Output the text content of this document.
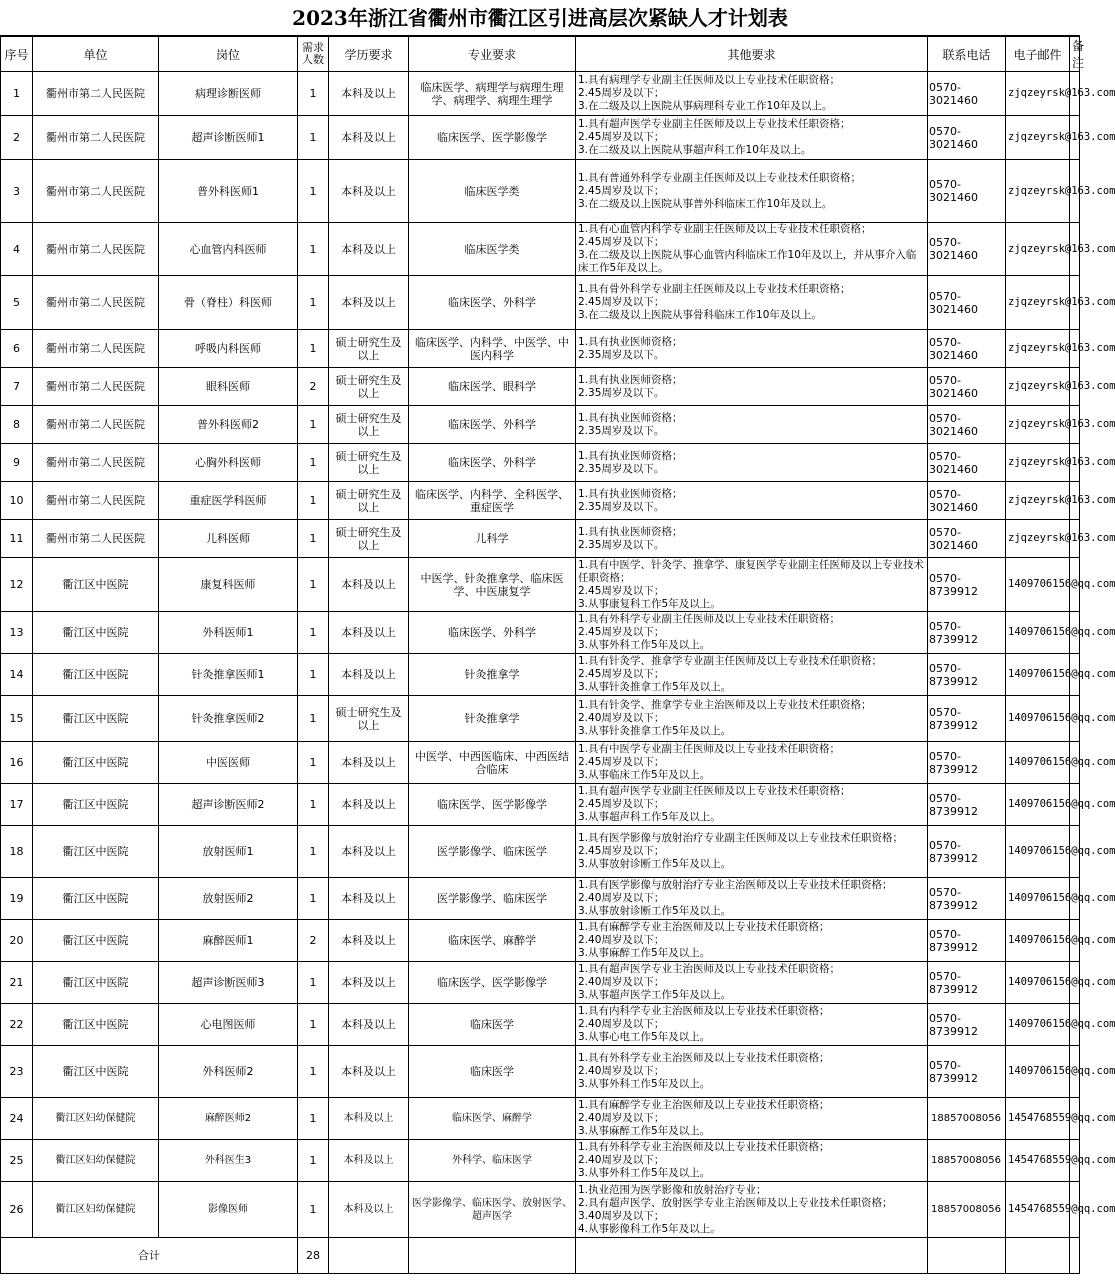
2023年浙江省衢州市衢江区引进高层次紧缺人才计划表
序号	单位	岗位	需求人数	学历要求	专业要求	其他要求	联系电话	电子邮件	备注
1	衢州市第二人民医院	病理诊断医师	1	本科及以上	临床医学、病理学与病理生理学、病理学、病理生理学	1.具有病理学专业副主任医师及以上专业技术任职资格；
2.45周岁及以下；
3.在二级及以上医院从事病理科专业工作10年及以上。	0570-3021460	zjqzeyrsk@163.com	
2	衢州市第二人民医院	超声诊断医师1	1	本科及以上	临床医学、医学影像学	1.具有超声医学专业副主任医师及以上专业技术任职资格；
2.45周岁及以下；
3.在二级及以上医院从事超声科工作10年及以上。	0570-3021460	zjqzeyrsk@163.com	
3	衢州市第二人民医院	普外科医师1	1	本科及以上	临床医学类	1.具有普通外科学专业副主任医师及以上专业技术任职资格；
2.45周岁及以下；
3.在二级及以上医院从事普外科临床工作10年及以上。	0570-3021460	zjqzeyrsk@163.com	
4	衢州市第二人民医院	心血管内科医师	1	本科及以上	临床医学类	1.具有心血管内科学专业副主任医师及以上专业技术任职资格；
2.45周岁及以下；
3.在二级及以上医院从事心血管内科临床工作10年及以上，并从事介入临床工作5年及以上。	0570-3021460	zjqzeyrsk@163.com	
5	衢州市第二人民医院	骨（脊柱）科医师	1	本科及以上	临床医学、外科学	1.具有骨外科学专业副主任医师及以上专业技术任职资格；
2.45周岁及以下；
3.在二级及以上医院从事骨科临床工作10年及以上。	0570-3021460	zjqzeyrsk@163.com	
6	衢州市第二人民医院	呼吸内科医师	1	硕士研究生及以上	临床医学、内科学、中医学、中医内科学	1.具有执业医师资格；
2.35周岁及以下。	0570-3021460	zjqzeyrsk@163.com	
7	衢州市第二人民医院	眼科医师	2	硕士研究生及以上	临床医学、眼科学	1.具有执业医师资格；
2.35周岁及以下。	0570-3021460	zjqzeyrsk@163.com	
8	衢州市第二人民医院	普外科医师2	1	硕士研究生及以上	临床医学、外科学	1.具有执业医师资格；
2.35周岁及以下。	0570-3021460	zjqzeyrsk@163.com	
9	衢州市第二人民医院	心胸外科医师	1	硕士研究生及以上	临床医学、外科学	1.具有执业医师资格；
2.35周岁及以下。	0570-3021460	zjqzeyrsk@163.com	
10	衢州市第二人民医院	重症医学科医师	1	硕士研究生及以上	临床医学、内科学、全科医学、重症医学	1.具有执业医师资格；
2.35周岁及以下。	0570-3021460	zjqzeyrsk@163.com	
11	衢州市第二人民医院	儿科医师	1	硕士研究生及以上	儿科学	1.具有执业医师资格；
2.35周岁及以下。	0570-3021460	zjqzeyrsk@163.com	
12	衢江区中医院	康复科医师	1	本科及以上	中医学、针灸推拿学、临床医学、中医康复学	1.具有中医学、针灸学、推拿学、康复医学专业副主任医师及以上专业技术任职资格；
2.45周岁及以下；
3.从事康复科工作5年及以上。	0570-8739912	1409706156@qq.com	
13	衢江区中医院	外科医师1	1	本科及以上	临床医学、外科学	1.具有外科学专业副主任医师及以上专业技术任职资格；
2.45周岁及以下；
3.从事外科工作5年及以上。	0570-8739912	1409706156@qq.com	
14	衢江区中医院	针灸推拿医师1	1	本科及以上	针灸推拿学	1.具有针灸学、推拿学专业副主任医师及以上专业技术任职资格；
2.45周岁及以下；
3.从事针灸推拿工作5年及以上。	0570-8739912	1409706156@qq.com	
15	衢江区中医院	针灸推拿医师2	1	硕士研究生及以上	针灸推拿学	1.具有针灸学、推拿学专业主治医师及以上专业技术任职资格；
2.40周岁及以下；
3.从事针灸推拿工作5年及以上。	0570-8739912	1409706156@qq.com	
16	衢江区中医院	中医医师	1	本科及以上	中医学、中西医临床、中西医结合临床	1.具有中医学专业副主任医师及以上专业技术任职资格；
2.45周岁及以下；
3.从事临床工作5年及以上。	0570-8739912	1409706156@qq.com	
17	衢江区中医院	超声诊断医师2	1	本科及以上	临床医学、医学影像学	1.具有超声医学专业副主任医师及以上专业技术任职资格；
2.45周岁及以下；
3.从事超声科工作5年及以上。	0570-8739912	1409706156@qq.com	
18	衢江区中医院	放射医师1	1	本科及以上	医学影像学、临床医学	1.具有医学影像与放射治疗专业副主任医师及以上专业技术任职资格；
2.45周岁及以下；
3.从事放射诊断工作5年及以上。	0570-8739912	1409706156@qq.com	
19	衢江区中医院	放射医师2	1	本科及以上	医学影像学、临床医学	1.具有医学影像与放射治疗专业主治医师及以上专业技术任职资格；
2.40周岁及以下；
3.从事放射诊断工作5年及以上。	0570-8739912	1409706156@qq.com	
20	衢江区中医院	麻醉医师1	2	本科及以上	临床医学、麻醉学	1.具有麻醉学专业主治医师及以上专业技术任职资格；
2.40周岁及以下；
3.从事麻醉工作5年及以上。	0570-8739912	1409706156@qq.com	
21	衢江区中医院	超声诊断医师3	1	本科及以上	临床医学、医学影像学	1.具有超声医学专业主治医师及以上专业技术任职资格；
2.40周岁及以下；
3.从事超声医学工作5年及以上。	0570-8739912	1409706156@qq.com	
22	衢江区中医院	心电图医师	1	本科及以上	临床医学	1.具有内科学专业主治医师及以上专业技术任职资格；
2.40周岁及以下；
3.从事心电工作5年及以上。	0570-8739912	1409706156@qq.com	
23	衢江区中医院	外科医师2	1	本科及以上	临床医学	1.具有外科学专业主治医师及以上专业技术任职资格；
2.40周岁及以下；
3.从事外科工作5年及以上。	0570-8739912	1409706156@qq.com	
24	衢江区妇幼保健院	麻醉医师2	1	本科及以上	临床医学、麻醉学	1.具有麻醉学专业主治医师及以上专业技术任职资格；
2.40周岁及以下；
3.从事麻醉工作5年及以上。	18857008056	1454768559@qq.com	
25	衢江区妇幼保健院	外科医生3	1	本科及以上	外科学、临床医学	1.具有外科学专业主治医师及以上专业技术任职资格；
2.40周岁及以下；
3.从事外科工作5年及以上。	18857008056	1454768559@qq.com	
26	衢江区妇幼保健院	影像医师	1	本科及以上	医学影像学、临床医学、放射医学、超声医学	1.执业范围为医学影像和放射治疗专业；
2.具有超声医学、放射医学专业主治医师及以上专业技术任职资格；
3.40周岁及以下；
4.从事影像科工作5年及以上。	18857008056	1454768559@qq.com	
合计			28						
